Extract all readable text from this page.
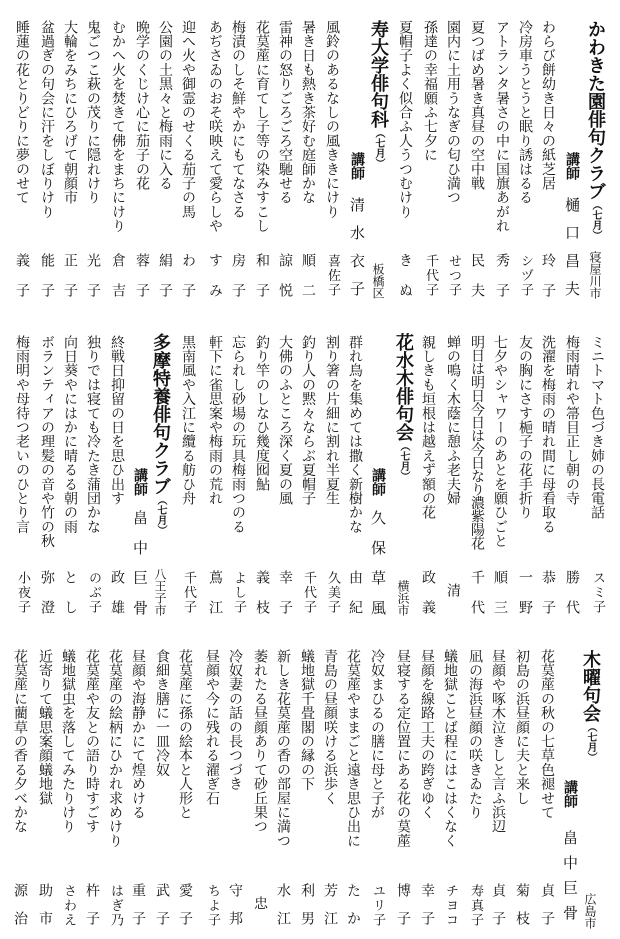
かわきた園俳句クラブ（七月）
寝屋川市
講師
樋口昌夫
わらび餅幼き日々の紙芝居
玲子
冷房車うとうと眠り誘はるる
シヅ子
アトランタ暑さの中に国旗あがれ
秀子
夏つばめ暑き真昼の空中戦
民夫
園内に土用うなぎの匂ひ満つ
せつ子
孫達の幸福願ふ七夕に
千代子
夏帽子よく似合ふ人うつむけり
きぬ
寿大学俳句科（七月）
板橋区
講師
清水衣子
風鈴のあるなしの風ききにけり
喜佐子
暑き日も熱き茶好む庭師かな
順二
雷神の怒りごろごろ空馳せる
諒悦
花茣蓙に育てし子等の染みすこし
和子
梅漬のしそ鮮やかにもてなさる
房子
あぢさゐのおそ咲映えて愛らしや
すみ
迎へ火や御霊のせくる茄子の馬
わ子
公園の土黒々と梅雨に入る
絹子
晩学のくじけ心に茄子の花
蓉子
むかへ火を焚きて佛をまちにけり
倉吉
鬼ごつこ萩の茂りに隠れけり
光子
大輪をみちにひろげて朝顔市
正子
盆過ぎの句会に汗をしぼりけり
能子
睡蓮の花とりどりに夢のせて
義子
ミニトマト色づき姉の長電話
スミ子
梅雨晴れや箒目正し朝の寺
勝代
洗濯を梅雨の晴れ間に母看取る
恭子
友の胸にさす梔子の花手折り
一野
七夕やシャワーのあとを願ひごと
順三
明日は明日今日は今日なり濃紫陽花
千代
蝉の鳴く木蔭に憩ふ老夫婦
清
親しきも垣根は越えず額の花
政義
花水木俳句会（七月）
横浜市
講師
久保草風
群れ鳥を集めては撒く新樹かな
由紀
割り箸の片細に割れ半夏生
久美子
釣り人の黙々ならぶ夏帽子
千代子
大佛のふところ深く夏の風
幸子
釣り竿のしなひ幾度囮鮎
義枝
忘られし砂場の玩具梅雨つのる
よし子
軒下に雀思案や梅雨の荒れ
蔦江
黒南風や入江に纜る舫ひ舟
千代子
多摩特養俳句クラブ（七月）
八王子市
講師
畠中巨骨
終戦日抑留の日を思ひ出す
政雄
独りでは寝ても冷たき蒲団かな
のぶ子
向日葵やにはかに晴るる朝の雨
とし
ボランティアの理髪の音や竹の秋
弥澄
梅雨明や母待つ老いのひとり言
小夜子
木曜句会（七月）
広島市
講師
畠中巨骨
花茣蓙の秋の七草色褪せて
貞子
初島の浜昼顔に夫と来し
菊枝
昼顔や啄木泣きしと言ふ浜辺
貞子
凪の海浜昼顔の咲きゐたり
寿真子
蟻地獄ことば程にはこはくなく
チヨコ
昼顔を線路工夫の跨ぎゆく
幸子
昼寝する定位置にある花の茣蓙
博子
冷奴まひるの膳に母と子が
ユリ子
花茣蓙やままごと遠き思ひ出に
たか
青島の昼顔咲ける浜歩く
芳江
蟻地獄千畳閣の縁の下
利男
新しき花茣蓙の香の部屋に満つ
水江
萎れたる昼顔ありて砂丘果つ
忠
冷奴妻の話の長つづき
守邦
昼顔や今に残れる濯ぎ石
ちよ子
花茣蓙に孫の絵本と人形と
愛子
食細き膳に一皿冷奴
武子
昼顔や海静かにて煌めける
重子
花茣蓙の絵柄にひかれ求めけり
はぎ乃
花茣蓙や友との語り時すごす
杵子
蟻地獄虫を落してみたりけり
さわえ
近寄りて蟻思案顔蟻地獄
助市
花茣蓙に藺草の香る夕べかな
源治
